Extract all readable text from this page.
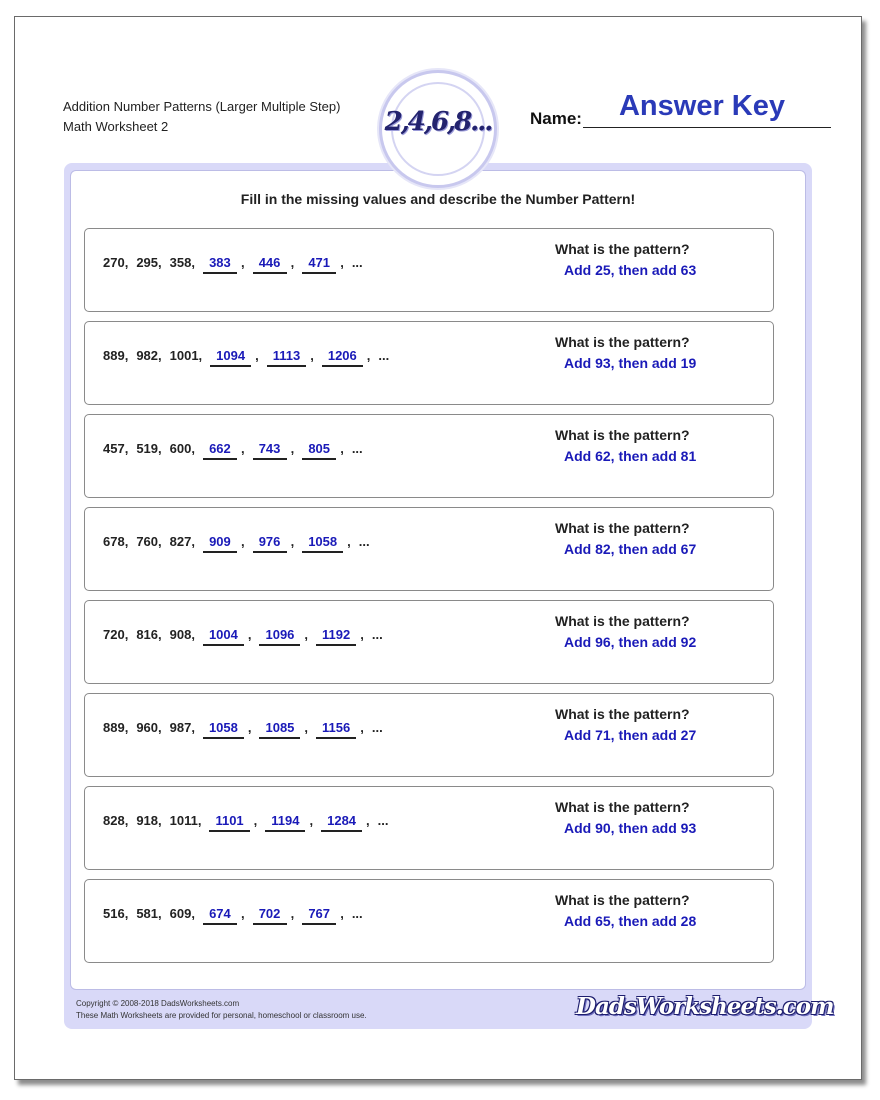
Addition Number Patterns (Larger Multiple Step)
Math Worksheet 2
Fill in the missing values and describe the Number Pattern!
270, 295, 358,	383 ,	446 ,	471 , ...
What is the pattern?
Add 25, then add 63
889, 982, 1001,	1094 ,	1113 ,	1206 , ...
What is the pattern?
Add 93, then add 19
457, 519, 600,	662 ,	743 ,	805 , ...
What is the pattern?
Add 62, then add 81
678, 760, 827,	909 ,	976 ,	1058 , ...
What is the pattern?
Add 82, then add 67
720, 816, 908,	1004 ,	1096 ,	1192 , ...
What is the pattern?
Add 96, then add 92
889, 960, 987,	1058 ,	1085 ,	1156 , ...
What is the pattern?
Add 71, then add 27
828, 918, 1011,	1101 ,	1194 ,	1284 , ...
What is the pattern?
Add 90, then add 93
516, 581, 609,	674 ,	702 ,	767 , ...
What is the pattern?
Add 65, then add 28
Copyright © 2008-2018 DadsWorksheets.com
These Math Worksheets are provided for personal, homeschool or classroom use.	DadsWorksheets.com
2,4,6,8... Name:	Answer Key
